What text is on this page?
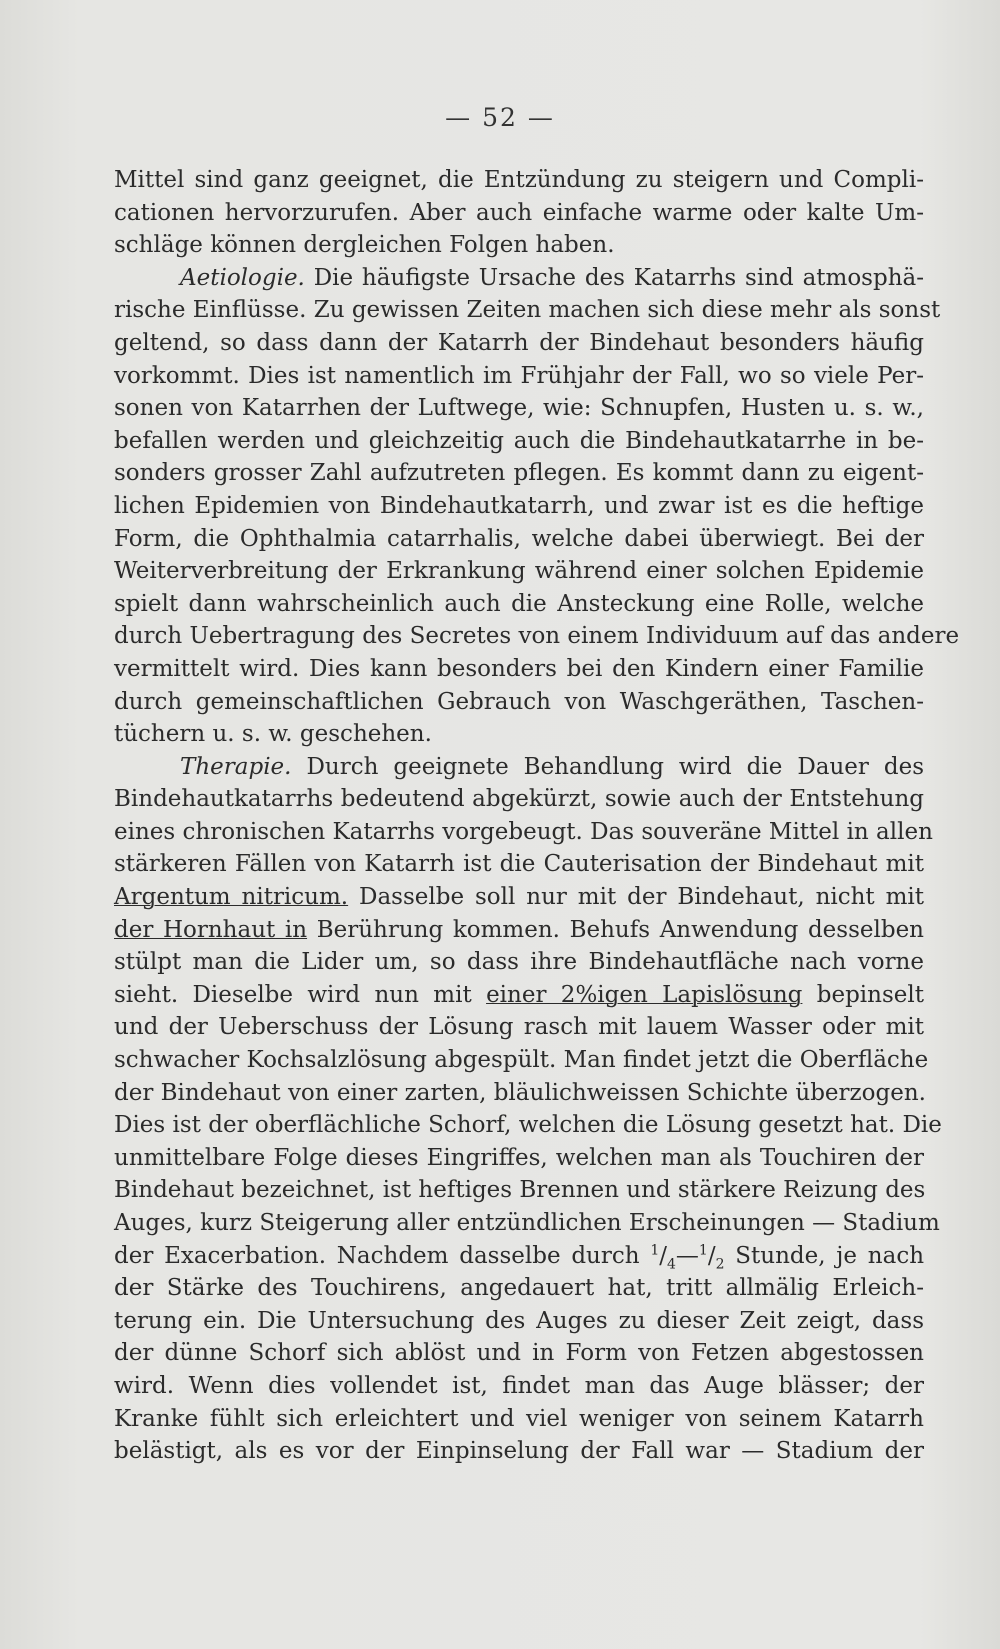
— 52 —
Mittel sind ganz geeignet, die Entzündung zu steigern und Compli-
cationen hervorzurufen. Aber auch einfache warme oder kalte Um-
schläge können dergleichen Folgen haben.
Aetiologie. Die häufigste Ursache des Katarrhs sind atmosphä-
rische Einflüsse. Zu gewissen Zeiten machen sich diese mehr als sonst
geltend, so dass dann der Katarrh der Bindehaut besonders häufig
vorkommt. Dies ist namentlich im Frühjahr der Fall, wo so viele Per-
sonen von Katarrhen der Luftwege, wie: Schnupfen, Husten u. s. w.,
befallen werden und gleichzeitig auch die Bindehautkatarrhe in be-
sonders grosser Zahl aufzutreten pflegen. Es kommt dann zu eigent-
lichen Epidemien von Bindehautkatarrh, und zwar ist es die heftige
Form, die Ophthalmia catarrhalis, welche dabei überwiegt. Bei der
Weiterverbreitung der Erkrankung während einer solchen Epidemie
spielt dann wahrscheinlich auch die Ansteckung eine Rolle, welche
durch Uebertragung des Secretes von einem Individuum auf das andere
vermittelt wird. Dies kann besonders bei den Kindern einer Familie
durch gemeinschaftlichen Gebrauch von Waschgeräthen, Taschen-
tüchern u. s. w. geschehen.
Therapie. Durch geeignete Behandlung wird die Dauer des
Bindehautkatarrhs bedeutend abgekürzt, sowie auch der Entstehung
eines chronischen Katarrhs vorgebeugt. Das souveräne Mittel in allen
stärkeren Fällen von Katarrh ist die Cauterisation der Bindehaut mit
Argentum nitricum. Dasselbe soll nur mit der Bindehaut, nicht mit
der Hornhaut in Berührung kommen. Behufs Anwendung desselben
stülpt man die Lider um, so dass ihre Bindehautfläche nach vorne
sieht. Dieselbe wird nun mit einer 2%igen Lapislösung bepinselt
und der Ueberschuss der Lösung rasch mit lauem Wasser oder mit
schwacher Kochsalzlösung abgespült. Man findet jetzt die Oberfläche
der Bindehaut von einer zarten, bläulichweissen Schichte überzogen.
Dies ist der oberflächliche Schorf, welchen die Lösung gesetzt hat. Die
unmittelbare Folge dieses Eingriffes, welchen man als Touchiren der
Bindehaut bezeichnet, ist heftiges Brennen und stärkere Reizung des
Auges, kurz Steigerung aller entzündlichen Erscheinungen — Stadium
der Exacerbation. Nachdem dasselbe durch $^1/_4—^1/_2$ Stunde, je nach
der Stärke des Touchirens, angedauert hat, tritt allmälig Erleich-
terung ein. Die Untersuchung des Auges zu dieser Zeit zeigt, dass
der dünne Schorf sich ablöst und in Form von Fetzen abgestossen
wird. Wenn dies vollendet ist, findet man das Auge blässer; der
Kranke fühlt sich erleichtert und viel weniger von seinem Katarrh
belästigt, als es vor der Einpinselung der Fall war — Stadium der
